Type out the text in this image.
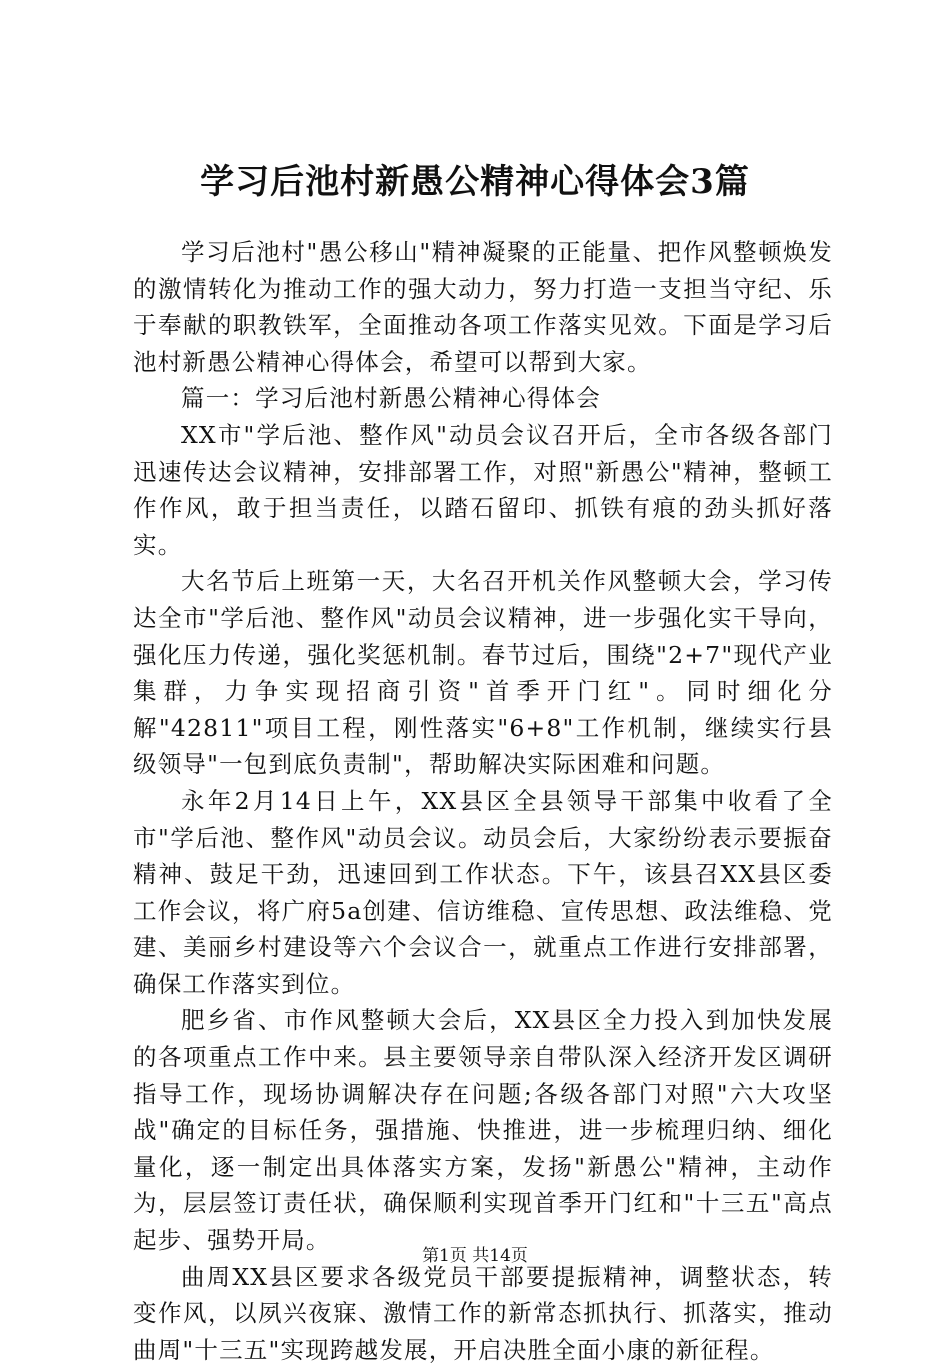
学习后池村新愚公精神心得体会3篇

学习后池村"愚公移山"精神凝聚的正能量、把作风整顿焕发的激情转化为推动工作的强大动力，努力打造一支担当守纪、乐于奉献的职教铁军，全面推动各项工作落实见效。下面是学习后池村新愚公精神心得体会，希望可以帮到大家。

篇一：学习后池村新愚公精神心得体会

XX市"学后池、整作风"动员会议召开后，全市各级各部门迅速传达会议精神，安排部署工作，对照"新愚公"精神，整顿工作作风，敢于担当责任，以踏石留印、抓铁有痕的劲头抓好落实。

大名节后上班第一天，大名召开机关作风整顿大会，学习传达全市"学后池、整作风"动员会议精神，进一步强化实干导向，强化压力传递，强化奖惩机制。春节过后，围绕"2+7"现代产业集群，力争实现招商引资"首季开门红"。同时细化分解"42811"项目工程，刚性落实"6+8"工作机制，继续实行县级领导"一包到底负责制"，帮助解决实际困难和问题。

永年2月14日上午，XX县区全县领导干部集中收看了全市"学后池、整作风"动员会议。动员会后，大家纷纷表示要振奋精神、鼓足干劲，迅速回到工作状态。下午，该县召XX县区委工作会议，将广府5a创建、信访维稳、宣传思想、政法维稳、党建、美丽乡村建设等六个会议合一，就重点工作进行安排部署，确保工作落实到位。

肥乡省、市作风整顿大会后，XX县区全力投入到加快发展的各项重点工作中来。县主要领导亲自带队深入经济开发区调研指导工作，现场协调解决存在问题;各级各部门对照"六大攻坚战"确定的目标任务，强措施、快推进，进一步梳理归纳、细化量化，逐一制定出具体落实方案，发扬"新愚公"精神，主动作为，层层签订责任状，确保顺利实现首季开门红和"十三五"高点起步、强势开局。

曲周XX县区要求各级党员干部要提振精神，调整状态，转变作风，以夙兴夜寐、激情工作的新常态抓执行、抓落实，推动曲周"十三五"实现跨越发展，开启决胜全面小康的新征程。

第1页 共14页
